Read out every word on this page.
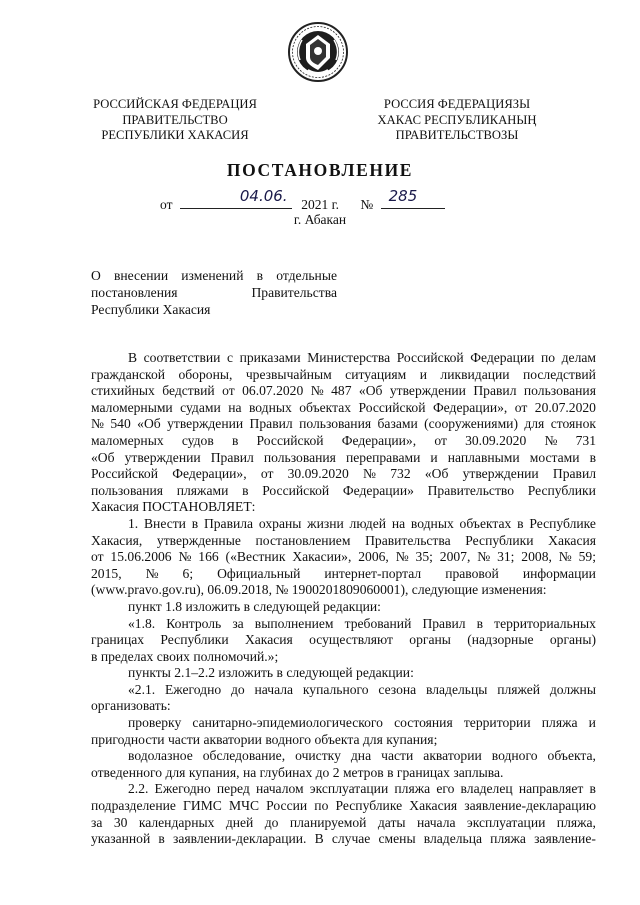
РОССИЙСКАЯ ФЕДЕРАЦИЯ
ПРАВИТЕЛЬСТВО
РЕСПУБЛИКИ ХАКАСИЯ
РОССИЯ ФЕДЕРАЦИЯЗЫ
ХАКАС РЕСПУБЛИКАНЫҢ
ПРАВИТЕЛЬСТВОЗЫ
ПОСТАНОВЛЕНИЕ
от	04.06. 2021 г. № 285
г. Абакан
О внесении изменений в отдельные
постановления	Правительства
Республики Хакасия
В соответствии с приказами Министерства Российской Федерации по делам
гражданской обороны, чрезвычайным ситуациям и ликвидации последствий
стихийных бедствий от 06.07.2020 № 487 «Об утверждении Правил пользования
маломерными судами на водных объектах Российской Федерации», от 20.07.2020
№ 540 «Об утверждении Правил пользования базами (сооружениями) для стоянок
маломерных судов в Российской Федерации», от 30.09.2020 № 731
«Об утверждении Правил пользования переправами и наплавными мостами в
Российской Федерации», от 30.09.2020 № 732 «Об утверждении Правил
пользования пляжами в Российской Федерации» Правительство Республики
Хакасия ПОСТАНОВЛЯЕТ:
1. Внести в Правила охраны жизни людей на водных объектах в Республике
Хакасия, утвержденные постановлением Правительства Республики Хакасия
от 15.06.2006 № 166 («Вестник Хакасии», 2006, № 35; 2007, № 31; 2008, № 59;
2015, № 6; Официальный интернет-портал правовой информации
(www.pravo.gov.ru), 06.09.2018, № 1900201809060001), следующие изменения:
пункт 1.8 изложить в следующей редакции:
«1.8. Контроль за выполнением требований Правил в территориальных
границах Республики Хакасия осуществляют органы (надзорные органы)
в пределах своих полномочий.»;
пункты 2.1–2.2 изложить в следующей редакции:
«2.1. Ежегодно до начала купального сезона владельцы пляжей должны
организовать:
проверку санитарно-эпидемиологического состояния территории пляжа и
пригодности части акватории водного объекта для купания;
водолазное обследование, очистку дна части акватории водного объекта,
отведенного для купания, на глубинах до 2 метров в границах заплыва.
2.2. Ежегодно перед началом эксплуатации пляжа его владелец направляет в
подразделение ГИМС МЧС России по Республике Хакасия заявление-декларацию
за 30 календарных дней до планируемой даты начала эксплуатации пляжа,
указанной в заявлении-декларации. В случае смены владельца пляжа заявление-
